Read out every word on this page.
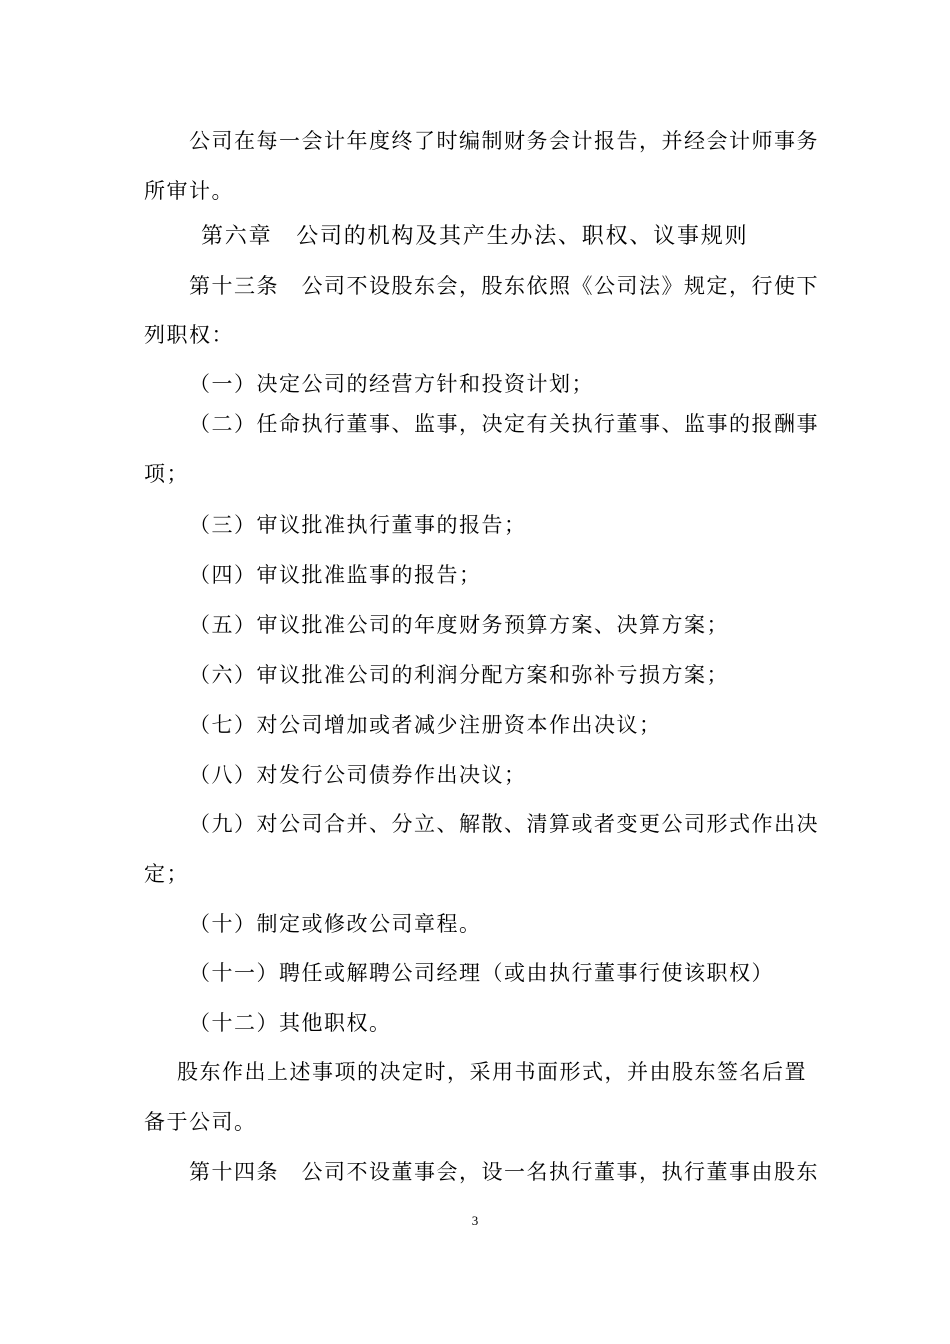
公司在每一会计年度终了时编制财务会计报告，并经会计师事务
所审计。
第六章　公司的机构及其产生办法、职权、议事规则
第十三条　公司不设股东会，股东依照《公司法》规定，行使下
列职权：
（一）决定公司的经营方针和投资计划；
（二）任命执行董事、监事，决定有关执行董事、监事的报酬事
项；
（三）审议批准执行董事的报告；
（四）审议批准监事的报告；
（五）审议批准公司的年度财务预算方案、决算方案；
（六）审议批准公司的利润分配方案和弥补亏损方案；
（七）对公司增加或者减少注册资本作出决议；
（八）对发行公司债券作出决议；
（九）对公司合并、分立、解散、清算或者变更公司形式作出决
定；
（十）制定或修改公司章程。
（十一）聘任或解聘公司经理（或由执行董事行使该职权）
（十二）其他职权。
股东作出上述事项的决定时，采用书面形式，并由股东签名后置
备于公司。
第十四条　公司不设董事会，设一名执行董事，执行董事由股东
3
